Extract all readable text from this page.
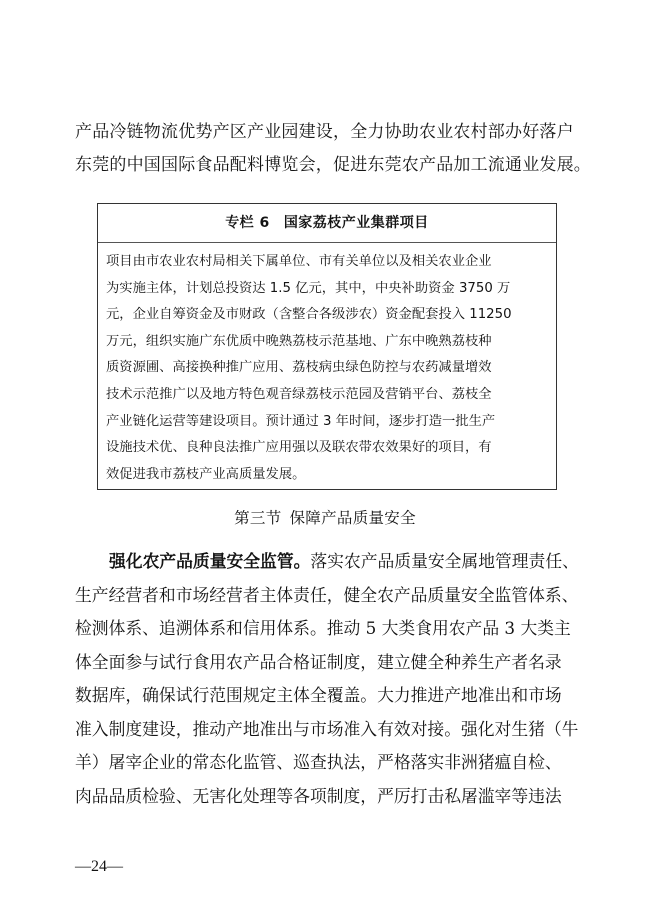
产品冷链物流优势产区产业园建设，全力协助农业农村部办好落户
东莞的中国国际食品配料博览会，促进东莞农产品加工流通业发展。

专栏 6 国家荔枝产业集群项目
项目由市农业农村局相关下属单位、市有关单位以及相关农业企业
为实施主体，计划总投资达 1.5 亿元，其中，中央补助资金 3750 万
元，企业自筹资金及市财政（含整合各级涉农）资金配套投入 11250
万元，组织实施广东优质中晚熟荔枝示范基地、广东中晚熟荔枝种
质资源圃、高接换种推广应用、荔枝病虫绿色防控与农药减量增效
技术示范推广以及地方特色观音绿荔枝示范园及营销平台、荔枝全
产业链化运营等建设项目。预计通过 3 年时间，逐步打造一批生产
设施技术优、良种良法推广应用强以及联农带农效果好的项目，有
效促进我市荔枝产业高质量发展。
第三节 保障产品质量安全
强化农产品质量安全监管。落实农产品质量安全属地管理责任、
生产经营者和市场经营者主体责任，健全农产品质量安全监管体系、
检测体系、追溯体系和信用体系。推动 5 大类食用农产品 3 大类主
体全面参与试行食用农产品合格证制度，建立健全种养生产者名录
数据库，确保试行范围规定主体全覆盖。大力推进产地准出和市场
准入制度建设，推动产地准出与市场准入有效对接。强化对生猪（牛
羊）屠宰企业的常态化监管、巡查执法，严格落实非洲猪瘟自检、
肉品品质检验、无害化处理等各项制度，严厉打击私屠滥宰等违法
—24—
